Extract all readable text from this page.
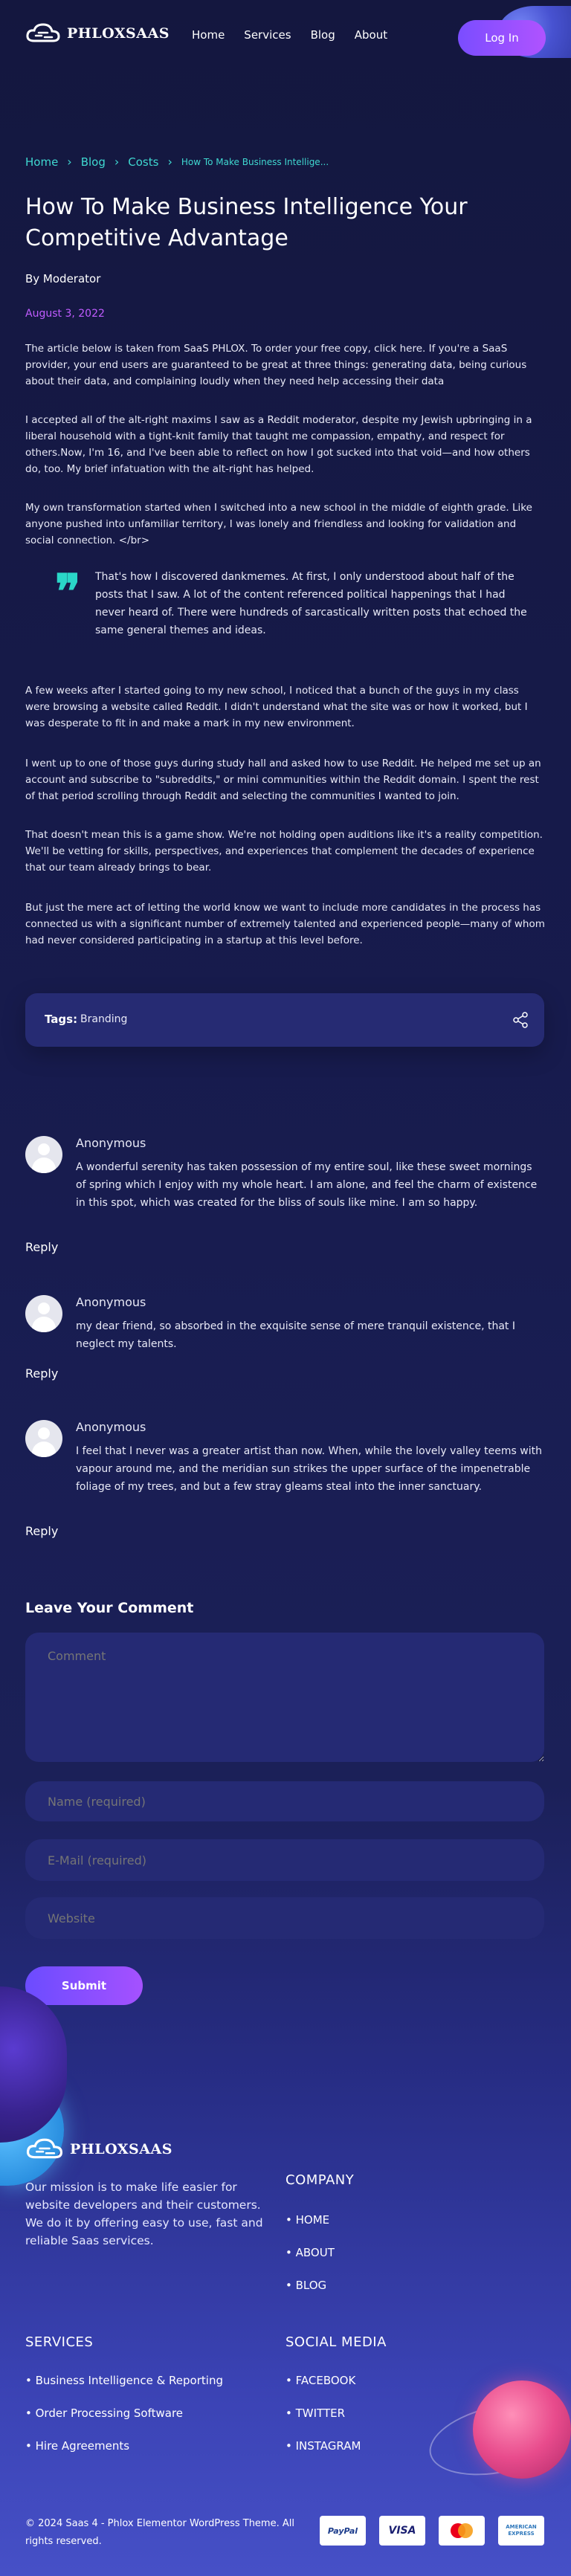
PHLOXSAAS Home Services Blog About	Log In
Home › Blog › Costs › How To Make Business Intellige...
How To Make Business Intelligence Your Competitive Advantage
By Moderator
August 3, 2022

The article below is taken from SaaS PHLOX. To order your free copy, click here. If you're a SaaS provider, your end users are guaranteed to be great at three things: generating data, being curious about their data, and complaining loudly when they need help accessing their data

I accepted all of the alt-right maxims I saw as a Reddit moderator, despite my Jewish upbringing in a liberal household with a tight-knit family that taught me compassion, empathy, and respect for others.Now, I'm 16, and I've been able to reflect on how I got sucked into that void—and how others do, too. My brief infatuation with the alt-right has helped.

My own transformation started when I switched into a new school in the middle of eighth grade. Like anyone pushed into unfamiliar territory, I was lonely and friendless and looking for validation and social connection. </br>

❞ That's how I discovered dankmemes. At first, I only understood about half of the posts that I saw. A lot of the content referenced political happenings that I had never heard of. There were hundreds of sarcastically written posts that echoed the same general themes and ideas.

A few weeks after I started going to my new school, I noticed that a bunch of the guys in my class were browsing a website called Reddit. I didn't understand what the site was or how it worked, but I was desperate to fit in and make a mark in my new environment.

I went up to one of those guys during study hall and asked how to use Reddit. He helped me set up an account and subscribe to "subreddits," or mini communities within the Reddit domain. I spent the rest of that period scrolling through Reddit and selecting the communities I wanted to join.

That doesn't mean this is a game show. We're not holding open auditions like it's a reality competition. We'll be vetting for skills, perspectives, and experiences that complement the decades of experience that our team already brings to bear.

But just the mere act of letting the world know we want to include more candidates in the process has connected us with a significant number of extremely talented and experienced people—many of whom had never considered participating in a startup at this level before.

Tags: Branding
Anonymous
A wonderful serenity has taken possession of my entire soul, like these sweet mornings of spring which I enjoy with my whole heart. I am alone, and feel the charm of existence in this spot, which was created for the bliss of souls like mine. I am so happy.
Reply
Anonymous
my dear friend, so absorbed in the exquisite sense of mere tranquil existence, that I neglect my talents.
Reply
Anonymous
I feel that I never was a greater artist than now. When, while the lovely valley teems with vapour around me, and the meridian sun strikes the upper surface of the impenetrable foliage of my trees, and but a few stray gleams steal into the inner sanctuary.
Reply
Leave Your Comment
Comment
Name (required)
E-Mail (required)
Website
Submit
PHLOXSAAS

Our mission is to make life easier for website developers and their customers. We do it by offering easy to use, fast and reliable Saas services.

COMPANY
• HOME
• ABOUT
• BLOG
SERVICES
• Business Intelligence & Reporting
• Order Processing Software
• Hire Agreements
SOCIAL MEDIA
• FACEBOOK
• TWITTER
• INSTAGRAM

© 2024 Saas 4 - Phlox Elementor WordPress Theme. All rights reserved.

PayPal	VISA	AMERICAN EXPRESS
